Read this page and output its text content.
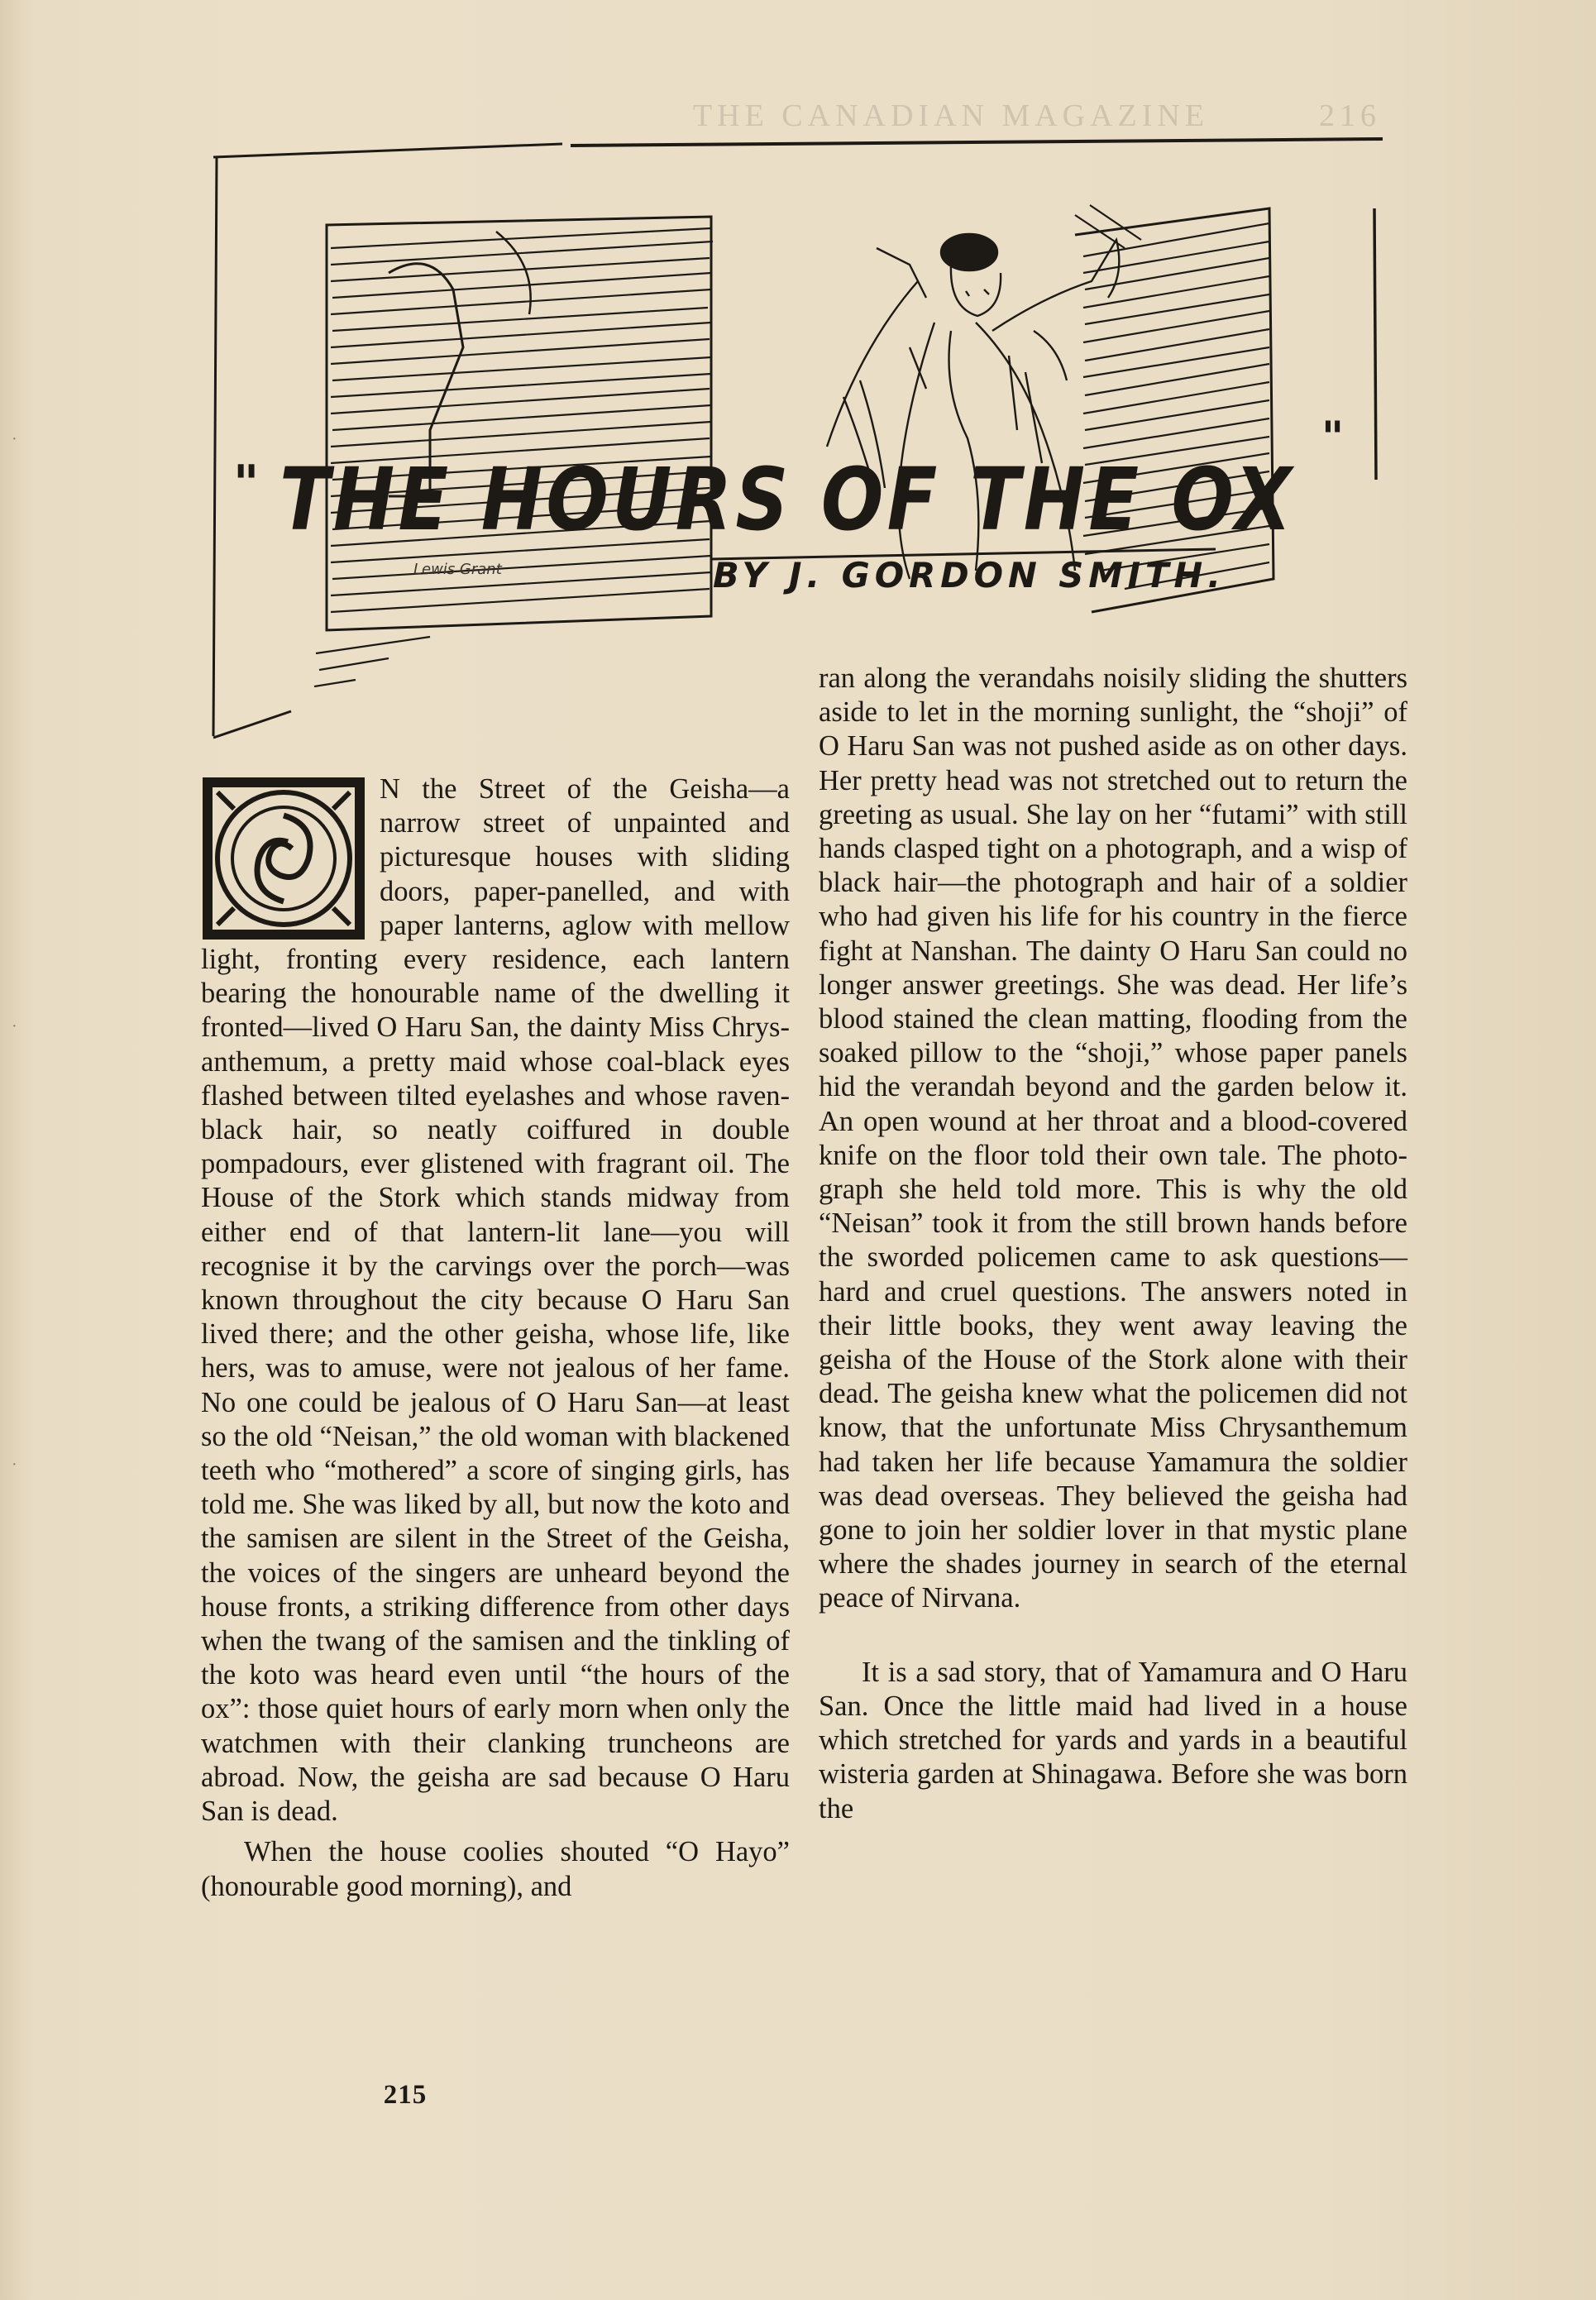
THE CANADIAN MAGAZINE	216
" THE HOURS OF THE OX
"
BY J. GORDON SMITH.
Lewis Grant

N the Street of the Geisha—a narrow street of unpainted and picturesque houses with sliding doors, paper-panelled, and with paper lanterns, aglow with mellow light, fronting every residence, each lantern bearing the honourable name of the dwelling it fronted—lived O Haru San, the dainty Miss Chrysanthemum, a pretty maid whose coal-black eyes flashed between tilted eyelashes and whose raven-black hair, so neatly coiffured in double pompadours, ever glistened with fragrant oil. The House of the Stork which stands midway from either end of that lantern-lit lane—you will recognise it by the carvings over the porch—was known throughout the city because O Haru San lived there; and the other geisha, whose life, like hers, was to amuse, were not jealous of her fame. No one could be jealous of O Haru San—at least so the old “Neisan,” the old woman with blackened teeth who “mothered” a score of singing girls, has told me. She was liked by all, but now the koto and the samisen are silent in the Street of the Geisha, the voices of the singers are unheard beyond the house fronts, a striking difference from other days when the twang of the samisen and the tinkling of the koto was heard even until “the hours of the ox”: those quiet hours of early morn when only the watchmen with their clanking truncheons are abroad. Now, the geisha are sad because O Haru San is dead.

When the house coolies shouted “O Hayo” (honourable good morning), and

ran along the verandahs noisily sliding the shutters aside to let in the morning sunlight, the “shoji” of O Haru San was not pushed aside as on other days. Her pretty head was not stretched out to return the greeting as usual. She lay on her “futami” with still hands clasped tight on a photograph, and a wisp of black hair—the photograph and hair of a soldier who had given his life for his country in the fierce fight at Nanshan. The dainty O Haru San could no longer answer greetings. She was dead. Her life’s blood stained the clean matting, flooding from the soaked pillow to the “shoji,” whose paper panels hid the verandah beyond and the garden below it. An open wound at her throat and a blood-covered knife on the floor told their own tale. The photograph she held told more. This is why the old “Neisan” took it from the still brown hands before the sworded policemen came to ask questions—hard and cruel questions. The answers noted in their little books, they went away leaving the geisha of the House of the Stork alone with their dead. The geisha knew what the policemen did not know, that the unfortunate Miss Chrysanthemum had taken her life because Yamamura the soldier was dead overseas. They believed the geisha had gone to join her soldier lover in that mystic plane where the shades journey in search of the eternal peace of Nirvana.

It is a sad story, that of Yamamura and O Haru San. Once the little maid had lived in a house which stretched for yards and yards in a beautiful wisteria garden at Shinagawa. Before she was born the

215
·
·
·
